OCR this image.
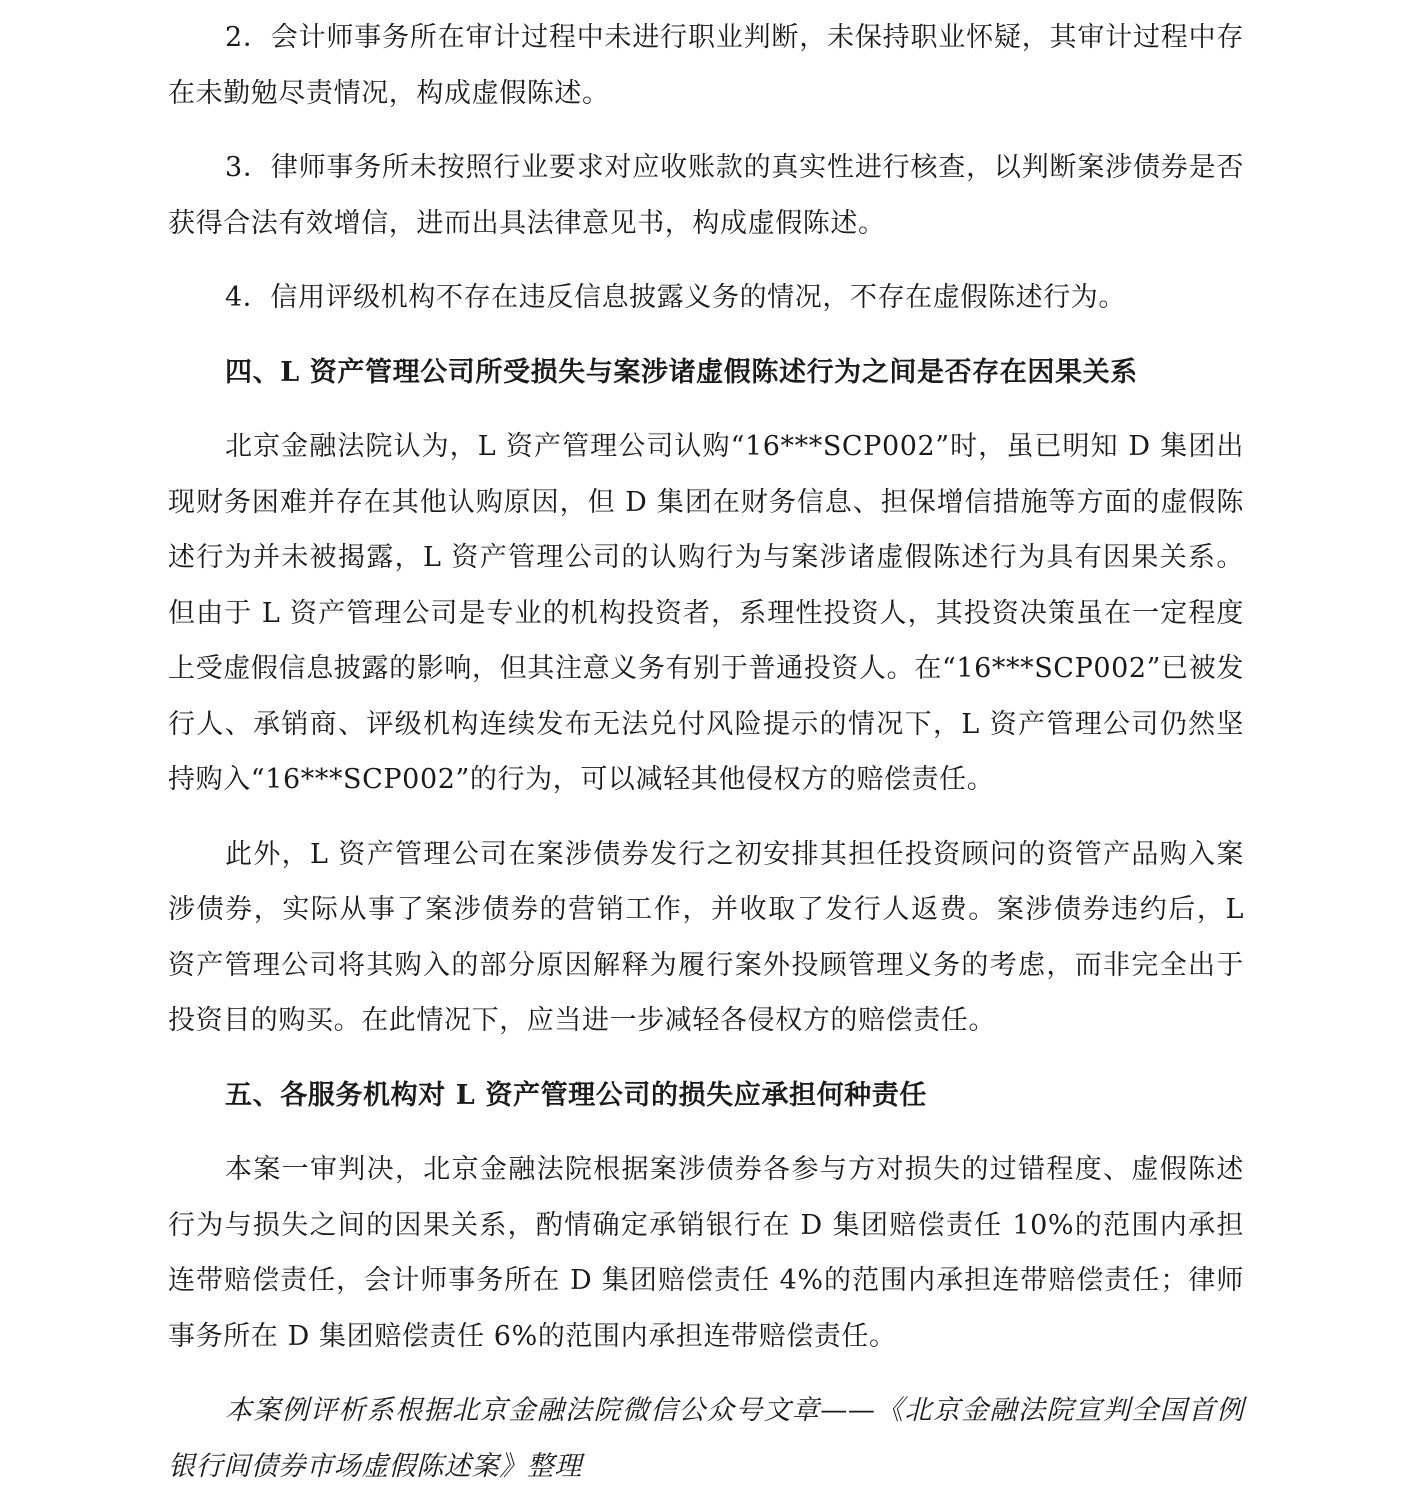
2．会计师事务所在审计过程中未进行职业判断，未保持职业怀疑，其审计过程中存在未勤勉尽责情况，构成虚假陈述。

3．律师事务所未按照行业要求对应收账款的真实性进行核查，以判断案涉债券是否获得合法有效增信，进而出具法律意见书，构成虚假陈述。

4．信用评级机构不存在违反信息披露义务的情况，不存在虚假陈述行为。

四、L 资产管理公司所受损失与案涉诸虚假陈述行为之间是否存在因果关系

北京金融法院认为，L 资产管理公司认购“16***SCP002”时，虽已明知 D 集团出现财务困难并存在其他认购原因，但 D 集团在财务信息、担保增信措施等方面的虚假陈述行为并未被揭露，L 资产管理公司的认购行为与案涉诸虚假陈述行为具有因果关系。但由于 L 资产管理公司是专业的机构投资者，系理性投资人，其投资决策虽在一定程度上受虚假信息披露的影响，但其注意义务有别于普通投资人。在“16***SCP002”已被发行人、承销商、评级机构连续发布无法兑付风险提示的情况下，L 资产管理公司仍然坚持购入“16***SCP002”的行为，可以减轻其他侵权方的赔偿责任。

此外，L 资产管理公司在案涉债券发行之初安排其担任投资顾问的资管产品购入案涉债券，实际从事了案涉债券的营销工作，并收取了发行人返费。案涉债券违约后，L 资产管理公司将其购入的部分原因解释为履行案外投顾管理义务的考虑，而非完全出于投资目的购买。在此情况下，应当进一步减轻各侵权方的赔偿责任。

五、各服务机构对 L 资产管理公司的损失应承担何种责任

本案一审判决，北京金融法院根据案涉债券各参与方对损失的过错程度、虚假陈述行为与损失之间的因果关系，酌情确定承销银行在 D 集团赔偿责任 10%的范围内承担连带赔偿责任，会计师事务所在 D 集团赔偿责任 4%的范围内承担连带赔偿责任；律师事务所在 D 集团赔偿责任 6%的范围内承担连带赔偿责任。

本案例评析系根据北京金融法院微信公众号文章——《北京金融法院宣判全国首例银行间债券市场虚假陈述案》整理
